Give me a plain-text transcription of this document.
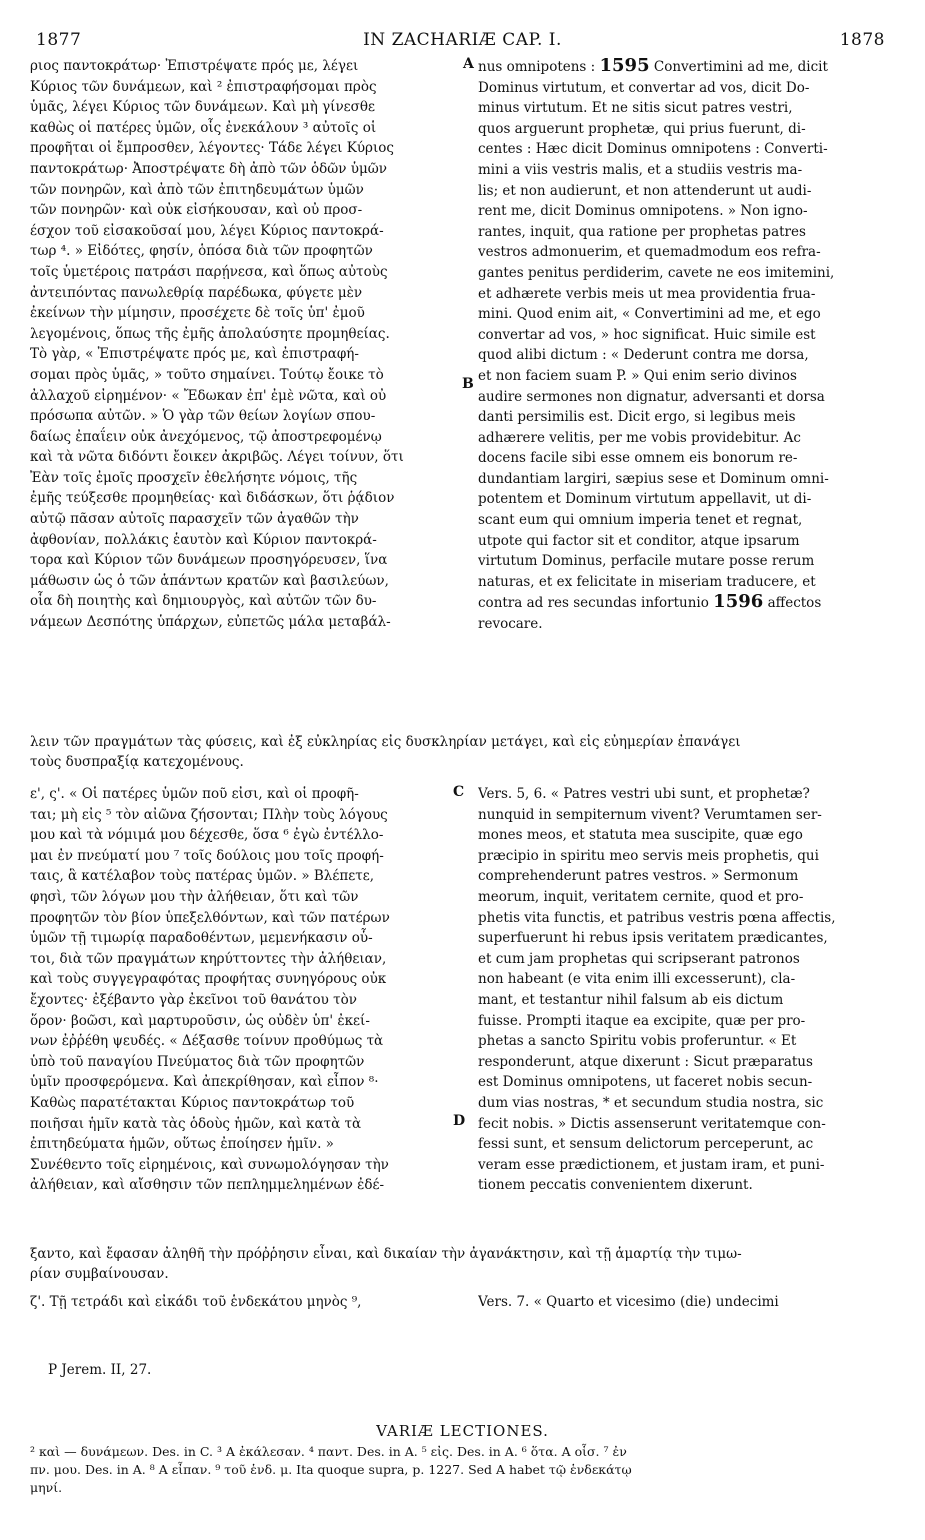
1877	IN ZACHARIÆ CAP. I.	1878
ριος παντοκράτωρ· Ἐπιστρέψατε πρός με, λέγει
Κύριος τῶν δυνάμεων, καὶ ² ἐπιστραφήσομαι πρὸς
ὑμᾶς, λέγει Κύριος τῶν δυνάμεων. Καὶ μὴ γίνεσθε
καθὼς οἱ πατέρες ὑμῶν, οἷς ἐνεκάλουν ³ αὐτοῖς οἱ
προφῆται οἱ ἔμπροσθεν, λέγοντες· Τάδε λέγει Κύριος
παντοκράτωρ· Ἀποστρέψατε δὴ ἀπὸ τῶν ὁδῶν ὑμῶν
τῶν πονηρῶν, καὶ ἀπὸ τῶν ἐπιτηδευμάτων ὑμῶν
τῶν πονηρῶν· καὶ οὐκ εἰσήκουσαν, καὶ οὐ προσ-
έσχον τοῦ εἰσακοῦσαί μου, λέγει Κύριος παντοκρά-
τωρ ⁴. » Εἰδότες, φησίν, ὁπόσα διὰ τῶν προφητῶν
τοῖς ὑμετέροις πατράσι παρῄνεσα, καὶ ὅπως αὐτοὺς
ἀντειπόντας πανωλεθρίᾳ παρέδωκα, φύγετε μὲν
ἐκείνων τὴν μίμησιν, προσέχετε δὲ τοῖς ὑπ' ἐμοῦ
λεγομένοις, ὅπως τῆς ἐμῆς ἀπολαύσητε προμηθείας.
Τὸ γὰρ, « Ἐπιστρέψατε πρός με, καὶ ἐπιστραφή-
σομαι πρὸς ὑμᾶς, » τοῦτο σημαίνει. Τούτῳ ἔοικε τὸ
ἀλλαχοῦ εἰρημένον· « Ἔδωκαν ἐπ' ἐμὲ νῶτα, καὶ οὐ
πρόσωπα αὐτῶν. » Ὁ γὰρ τῶν θείων λογίων σπου-
δαίως ἐπαΐειν οὐκ ἀνεχόμενος, τῷ ἀποστρεφομένῳ
καὶ τὰ νῶτα διδόντι ἔοικεν ἀκριβῶς. Λέγει τοίνυν, ὅτι
Ἐὰν τοῖς ἐμοῖς προσχεῖν ἐθελήσητε νόμοις, τῆς
ἐμῆς τεύξεσθε προμηθείας· καὶ διδάσκων, ὅτι ῥᾴδιον
αὐτῷ πᾶσαν αὐτοῖς παρασχεῖν τῶν ἀγαθῶν τὴν
ἀφθονίαν, πολλάκις ἑαυτὸν καὶ Κύριον παντοκρά-
τορα καὶ Κύριον τῶν δυνάμεων προσηγόρευσεν, ἵνα
μάθωσιν ὡς ὁ τῶν ἁπάντων κρατῶν καὶ βασιλεύων,
οἷα δὴ ποιητὴς καὶ δημιουργὸς, καὶ αὐτῶν τῶν δυ-
νάμεων Δεσπότης ὑπάρχων, εὐπετῶς μάλα μεταβάλ-
A nus omnipotens : 1595 Convertimini ad me, dicit
Dominus virtutum, et convertar ad vos, dicit Do-
minus virtutum. Et ne sitis sicut patres vestri,
quos arguerunt prophetæ, qui prius fuerunt, di-
centes : Hæc dicit Dominus omnipotens : Converti-
mini a viis vestris malis, et a studiis vestris ma-
lis; et non audierunt, et non attenderunt ut audi-
rent me, dicit Dominus omnipotens. » Non igno-
rantes, inquit, qua ratione per prophetas patres
vestros admonuerim, et quemadmodum eos refra-
gantes penitus perdiderim, cavete ne eos imitemini,
et adhærete verbis meis ut mea providentia frua-
mini. Quod enim ait, « Convertimini ad me, et ego
convertar ad vos, » hoc significat. Huic simile est
quod alibi dictum : « Dederunt contra me dorsa,
et non faciem suam P. » Qui enim serio divinos
audire sermones non dignatur, adversanti et dorsa
danti persimilis est. Dicit ergo, si legibus meis
adhærere velitis, per me vobis providebitur. Ac
docens facile sibi esse omnem eis bonorum re-
dundantiam largiri, sæpius sese et Dominum omni-
potentem et Dominum virtutum appellavit, ut di-
scant eum qui omnium imperia tenet et regnat,
utpote qui factor sit et conditor, atque ipsarum
virtutum Dominus, perfacile mutare posse rerum
naturas, et ex felicitate in miseriam traducere, et
contra ad res secundas infortunio 1596 affectos
revocare.
B
λειν τῶν πραγμάτων τὰς φύσεις, καὶ ἐξ εὐκληρίας εἰς δυσκληρίαν μετάγει, καὶ εἰς εὐημερίαν ἐπανάγει
τοὺς δυσπραξίᾳ κατεχομένους.
ε', ς'. « Οἱ πατέρες ὑμῶν ποῦ εἰσι, καὶ οἱ προφῆ-
ται; μὴ εἰς ⁵ τὸν αἰῶνα ζήσονται; Πλὴν τοὺς λόγους
μου καὶ τὰ νόμιμά μου δέχεσθε, ὅσα ⁶ ἐγὼ ἐντέλλο-
μαι ἐν πνεύματί μου ⁷ τοῖς δούλοις μου τοῖς προφή-
ταις, ἃ κατέλαβον τοὺς πατέρας ὑμῶν. » Βλέπετε,
φησὶ, τῶν λόγων μου τὴν ἀλήθειαν, ὅτι καὶ τῶν
προφητῶν τὸν βίον ὑπεξελθόντων, καὶ τῶν πατέρων
ὑμῶν τῇ τιμωρίᾳ παραδοθέντων, μεμενήκασιν οὗ-
τοι, διὰ τῶν πραγμάτων κηρύττοντες τὴν ἀλήθειαν,
καὶ τοὺς συγγεγραφότας προφήτας συνηγόρους οὐκ
ἔχοντες· ἐξέβαντο γὰρ ἐκεῖνοι τοῦ θανάτου τὸν
ὅρον· βοῶσι, καὶ μαρτυροῦσιν, ὡς οὐδὲν ὑπ' ἐκεί-
νων ἐῤῥέθη ψευδές. « Δέξασθε τοίνυν προθύμως τὰ
ὑπὸ τοῦ παναγίου Πνεύματος διὰ τῶν προφητῶν
ὑμῖν προσφερόμενα. Καὶ ἀπεκρίθησαν, καὶ εἶπον ⁸·
Καθὼς παρατέτακται Κύριος παντοκράτωρ τοῦ
ποιῆσαι ἡμῖν κατὰ τὰς ὁδοὺς ἡμῶν, καὶ κατὰ τὰ
ἐπιτηδεύματα ἡμῶν, οὕτως ἐποίησεν ἡμῖν. »
Συνέθεντο τοῖς εἰρημένοις, καὶ συνωμολόγησαν τὴν
ἀλήθειαν, καὶ αἴσθησιν τῶν πεπλημμελημένων ἐδέ-
C Vers. 5, 6. « Patres vestri ubi sunt, et prophetæ?
nunquid in sempiternum vivent? Verumtamen ser-
mones meos, et statuta mea suscipite, quæ ego
præcipio in spiritu meo servis meis prophetis, qui
comprehenderunt patres vestros. » Sermonum
meorum, inquit, veritatem cernite, quod et pro-
phetis vita functis, et patribus vestris pœna affectis,
superfuerunt hi rebus ipsis veritatem prædicantes,
et cum jam prophetas qui scripserant patronos
non habeant (e vita enim illi excesserunt), cla-
mant, et testantur nihil falsum ab eis dictum
fuisse. Prompti itaque ea excipite, quæ per pro-
phetas a sancto Spiritu vobis proferuntur. « Et
responderunt, atque dixerunt : Sicut præparatus
est Dominus omnipotens, ut faceret nobis secun-
dum vias nostras, * et secundum studia nostra, sic
fecit nobis. » Dictis assenserunt veritatemque con-
fessi sunt, et sensum delictorum perceperunt, ac
veram esse prædictionem, et justam iram, et puni-
tionem peccatis convenientem dixerunt.
D
ξαντο, καὶ ἔφασαν ἀληθῆ τὴν πρόῤῥησιν εἶναι, καὶ δικαίαν τὴν ἀγανάκτησιν, καὶ τῇ ἁμαρτίᾳ τὴν τιμω-
ρίαν συμβαίνουσαν.
ζ'. Τῇ τετράδι καὶ εἰκάδι τοῦ ἑνδεκάτου μηνὸς ⁹,	Vers. 7. « Quarto et vicesimo (die) undecimi
P Jerem. II, 27.
VARIÆ LECTIONES.
² καὶ — δυνάμεων. Des. in C. ³ A ἐκάλεσαν. ⁴ παντ. Des. in A. ⁵ εἰς. Des. in A. ⁶ ὅτα. A οἷσ. ⁷ ἐν
πν. μου. Des. in A. ⁸ A εἶπαν. ⁹ τοῦ ἑνδ. μ. Ita quoque supra, p. 1227. Sed A habet τῷ ἑνδεκάτῳ
μηνί.
